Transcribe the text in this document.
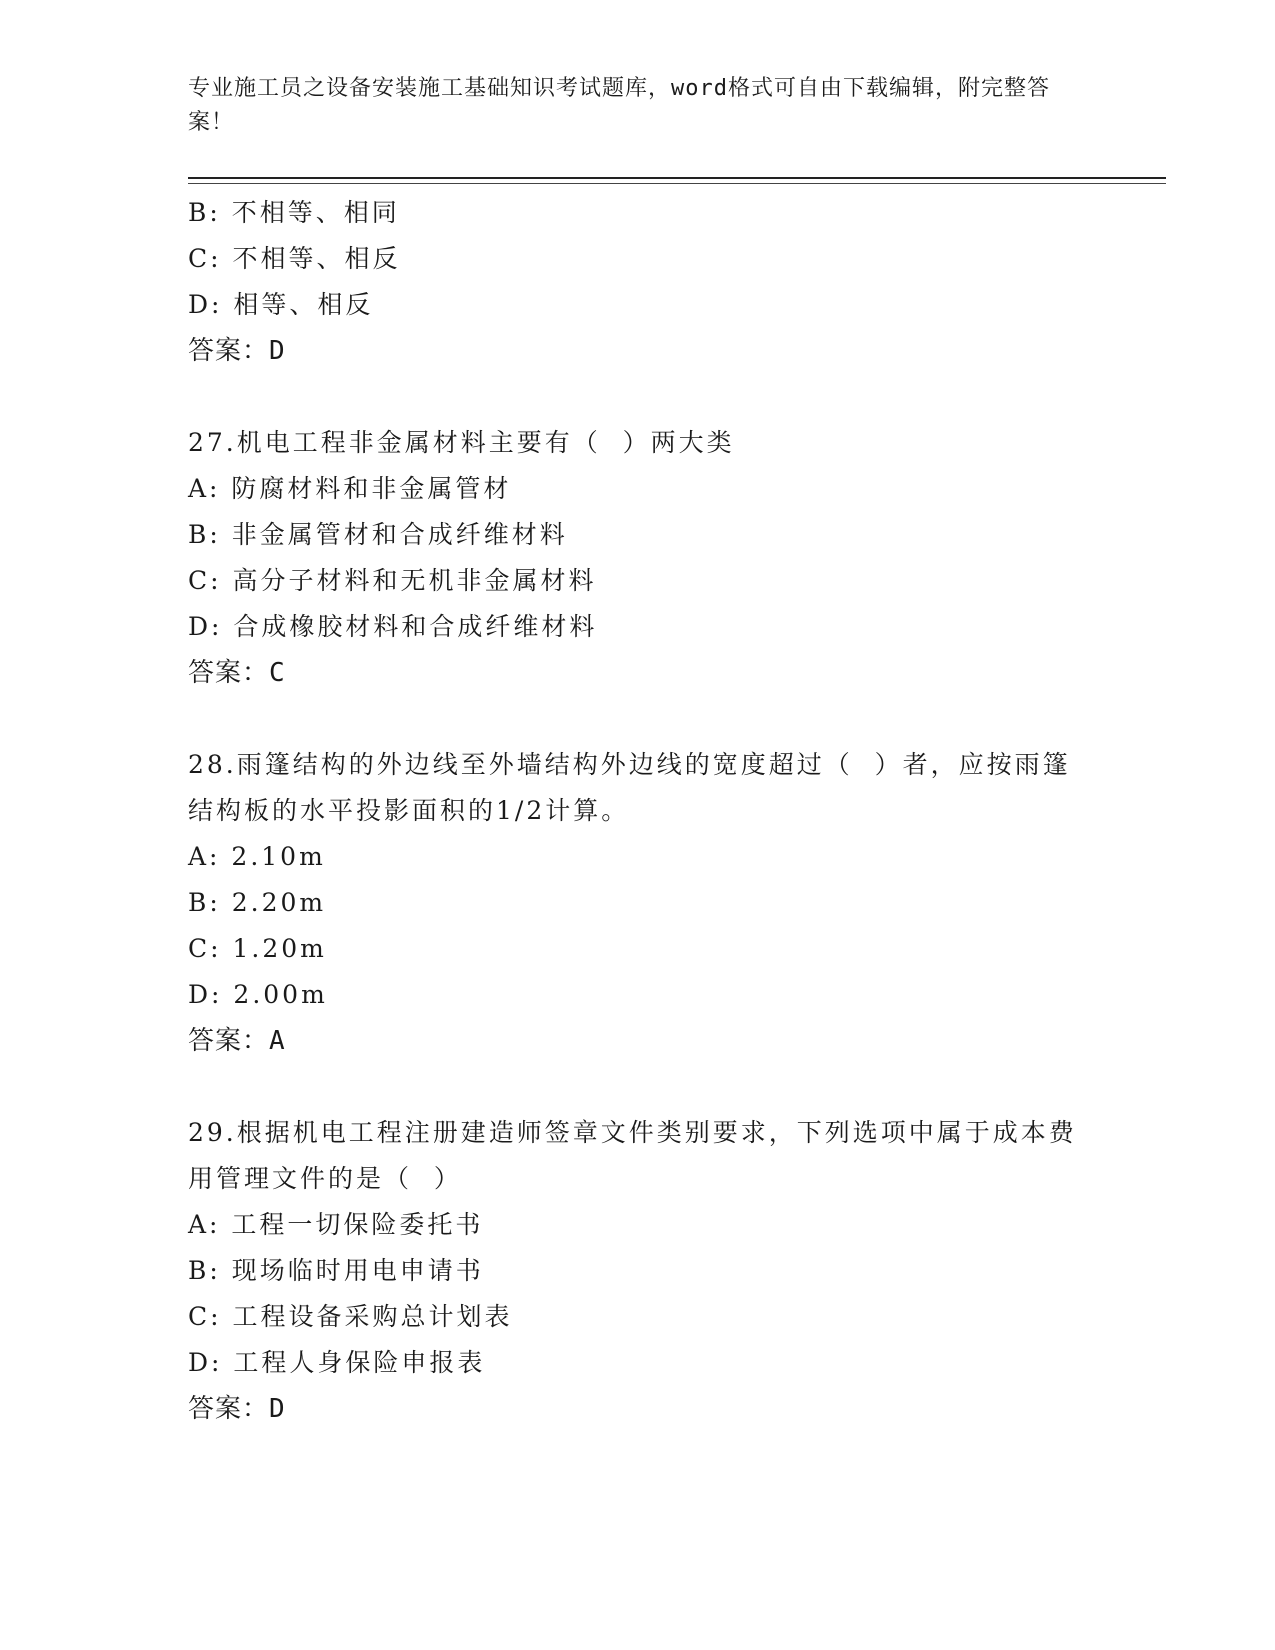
专业施工员之设备安装施工基础知识考试题库，word格式可自由下载编辑，附完整答案！
B: 不相等、相同
C: 不相等、相反
D: 相等、相反
答案：D
27.机电工程非金属材料主要有（  ）两大类
A: 防腐材料和非金属管材
B: 非金属管材和合成纤维材料
C: 高分子材料和无机非金属材料
D: 合成橡胶材料和合成纤维材料
答案：C
28.雨篷结构的外边线至外墙结构外边线的宽度超过（  ）者，应按雨篷结构板的水平投影面积的1/2计算。
A: 2.10m
B: 2.20m
C: 1.20m
D: 2.00m
答案：A
29.根据机电工程注册建造师签章文件类别要求，下列选项中属于成本费用管理文件的是（  ）
A: 工程一切保险委托书
B: 现场临时用电申请书
C: 工程设备采购总计划表
D: 工程人身保险申报表
答案：D
